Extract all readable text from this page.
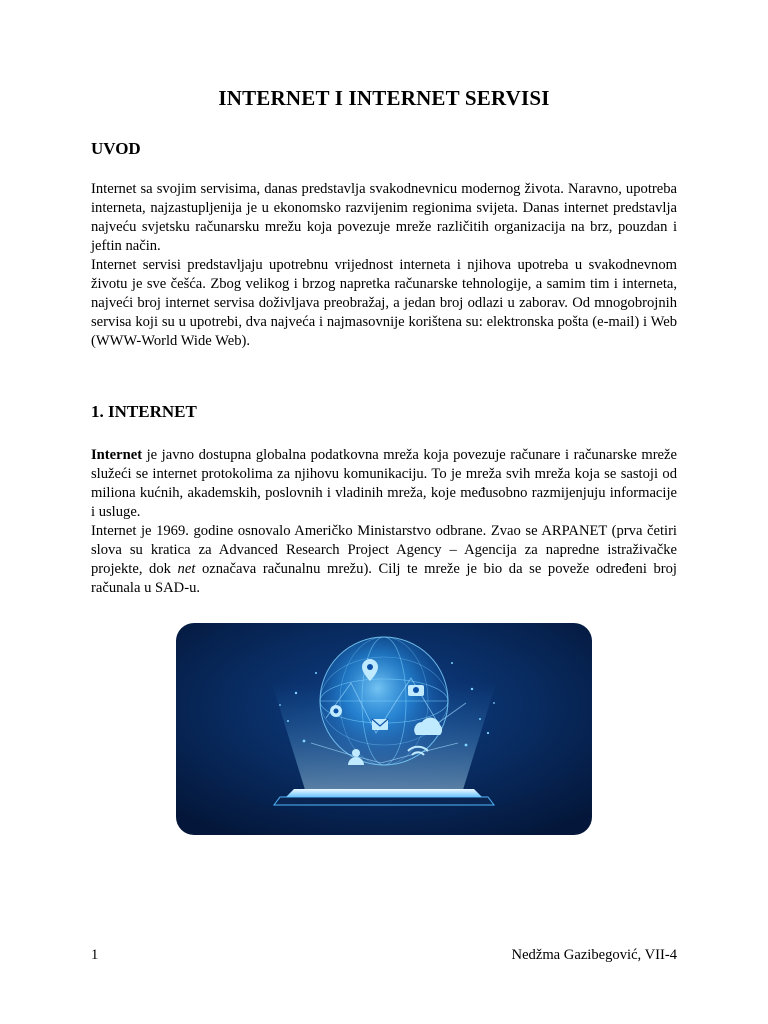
INTERNET I INTERNET SERVISI
UVOD

Internet sa svojim servisima, danas predstavlja svakodnevnicu modernog života. Naravno, upotreba interneta, najzastupljenija je u ekonomsko razvijenim regionima svijeta. Danas internet predstavlja najveću svjetsku računarsku mrežu koja povezuje mreže različitih organizacija na brz, pouzdan i jeftin način.

Internet servisi predstavljaju upotrebnu vrijednost interneta i njihova upotreba u svakodnevnom životu je sve češća. Zbog velikog i brzog napretka računarske tehnologije, a samim tim i interneta, najveći broj internet servisa doživljava preobražaj, a jedan broj odlazi u zaborav. Od mnogobrojnih servisa koji su u upotrebi, dva najveća i najmasovnije korištena su: elektronska pošta (e-mail) i Web (WWW-World Wide Web).

1. INTERNET

Internet je javno dostupna globalna podatkovna mreža koja povezuje računare i računarske mreže služeći se internet protokolima za njihovu komunikaciju. To je mreža svih mreža koja se sastoji od miliona kućnih, akademskih, poslovnih i vladinih mreža, koje međusobno razmijenjuju informacije i usluge.

Internet je 1969. godine osnovalo Američko Ministarstvo odbrane. Zvao se ARPANET (prva četiri slova su kratica za Advanced Research Project Agency – Agencija za napredne istraživačke projekte, dok net označava računalnu mrežu). Cilj te mreže je bio da se poveže određeni broj računala u SAD-u.

1	Nedžma Gazibegović, VII-4
